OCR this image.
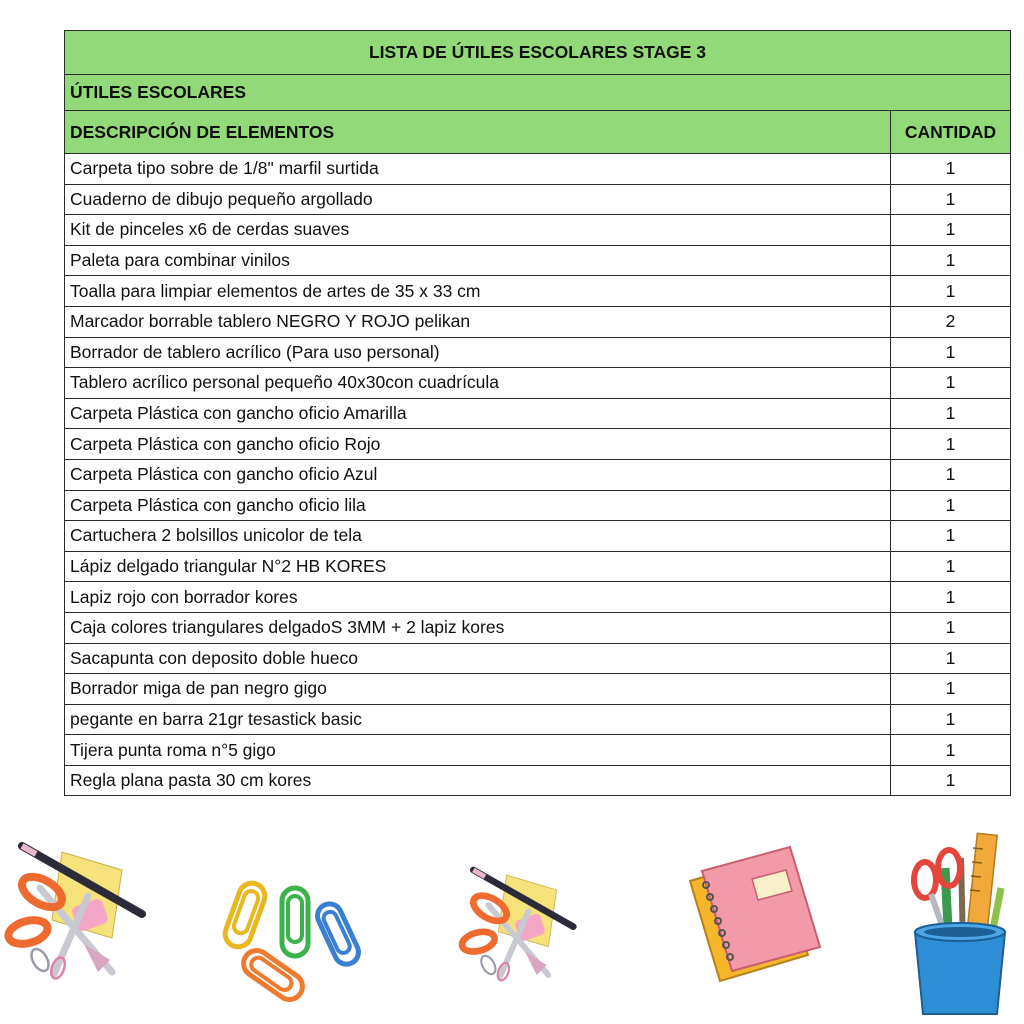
LISTA DE ÚTILES ESCOLARES STAGE 3	
ÚTILES ESCOLARES	
DESCRIPCIÓN DE ELEMENTOS	CANTIDAD
Carpeta tipo sobre de 1/8" marfil surtida	1
Cuaderno de dibujo pequeño argollado	1
Kit de pinceles x6 de cerdas suaves	1
Paleta para combinar vinilos	1
Toalla para limpiar elementos de artes de 35 x 33 cm	1
Marcador borrable tablero NEGRO Y ROJO pelikan	2
Borrador de tablero acrílico (Para uso personal)	1
Tablero acrílico personal pequeño 40x30con cuadrícula	1
Carpeta Plástica con gancho oficio Amarilla	1
Carpeta Plástica con gancho oficio Rojo	1
Carpeta Plástica con gancho oficio Azul	1
Carpeta Plástica con gancho oficio lila	1
Cartuchera 2 bolsillos unicolor de tela	1
Lápiz delgado triangular N°2 HB KORES	1
Lapiz rojo con borrador kores	1
Caja colores triangulares delgadoS 3MM + 2 lapiz kores	1
Sacapunta con deposito doble hueco	1
Borrador miga de pan negro gigo	1
pegante en barra 21gr tesastick basic	1
Tijera punta roma n°5 gigo	1
Regla plana pasta 30 cm kores	1
